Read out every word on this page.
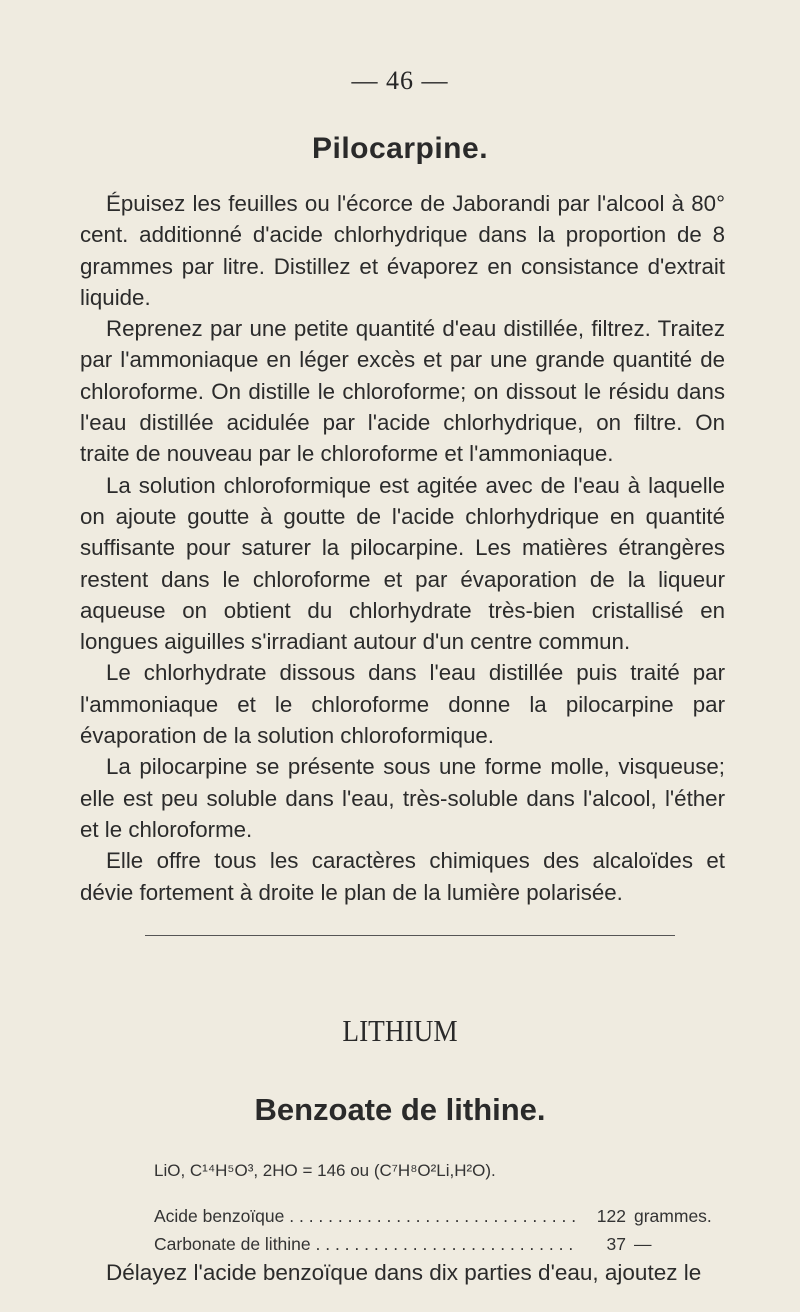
— 46 —
Pilocarpine.

Épuisez les feuilles ou l'écorce de Jaborandi par l'alcool à 80° cent. additionné d'acide chlorhydrique dans la proportion de 8 grammes par litre. Distillez et évaporez en consistance d'extrait liquide.

Reprenez par une petite quantité d'eau distillée, filtrez. Traitez par l'ammoniaque en léger excès et par une grande quantité de chloroforme. On distille le chloroforme; on dissout le résidu dans l'eau distillée acidulée par l'acide chlorhydrique, on filtre. On traite de nouveau par le chloroforme et l'ammoniaque.

La solution chloroformique est agitée avec de l'eau à laquelle on ajoute goutte à goutte de l'acide chlorhydrique en quantité suffisante pour saturer la pilocarpine. Les matières étrangères restent dans le chloroforme et par évaporation de la liqueur aqueuse on obtient du chlorhydrate très-bien cristallisé en longues aiguilles s'irradiant autour d'un centre commun.

Le chlorhydrate dissous dans l'eau distillée puis traité par l'ammoniaque et le chloroforme donne la pilocarpine par évaporation de la solution chloroformique.

La pilocarpine se présente sous une forme molle, visqueuse; elle est peu soluble dans l'eau, très-soluble dans l'alcool, l'éther et le chloroforme.

Elle offre tous les caractères chimiques des alcaloïdes et dévie fortement à droite le plan de la lumière polarisée.

LITHIUM
Benzoate de lithine.
LiO, C¹⁴H⁵O³, 2HO = 146 ou (C⁷H⁸O²Li,H²O).
Acide benzoïque . . .	122 grammes.
Carbonate de lithine . . .	37 —
Délayez l'acide benzoïque dans dix parties d'eau, ajoutez le
